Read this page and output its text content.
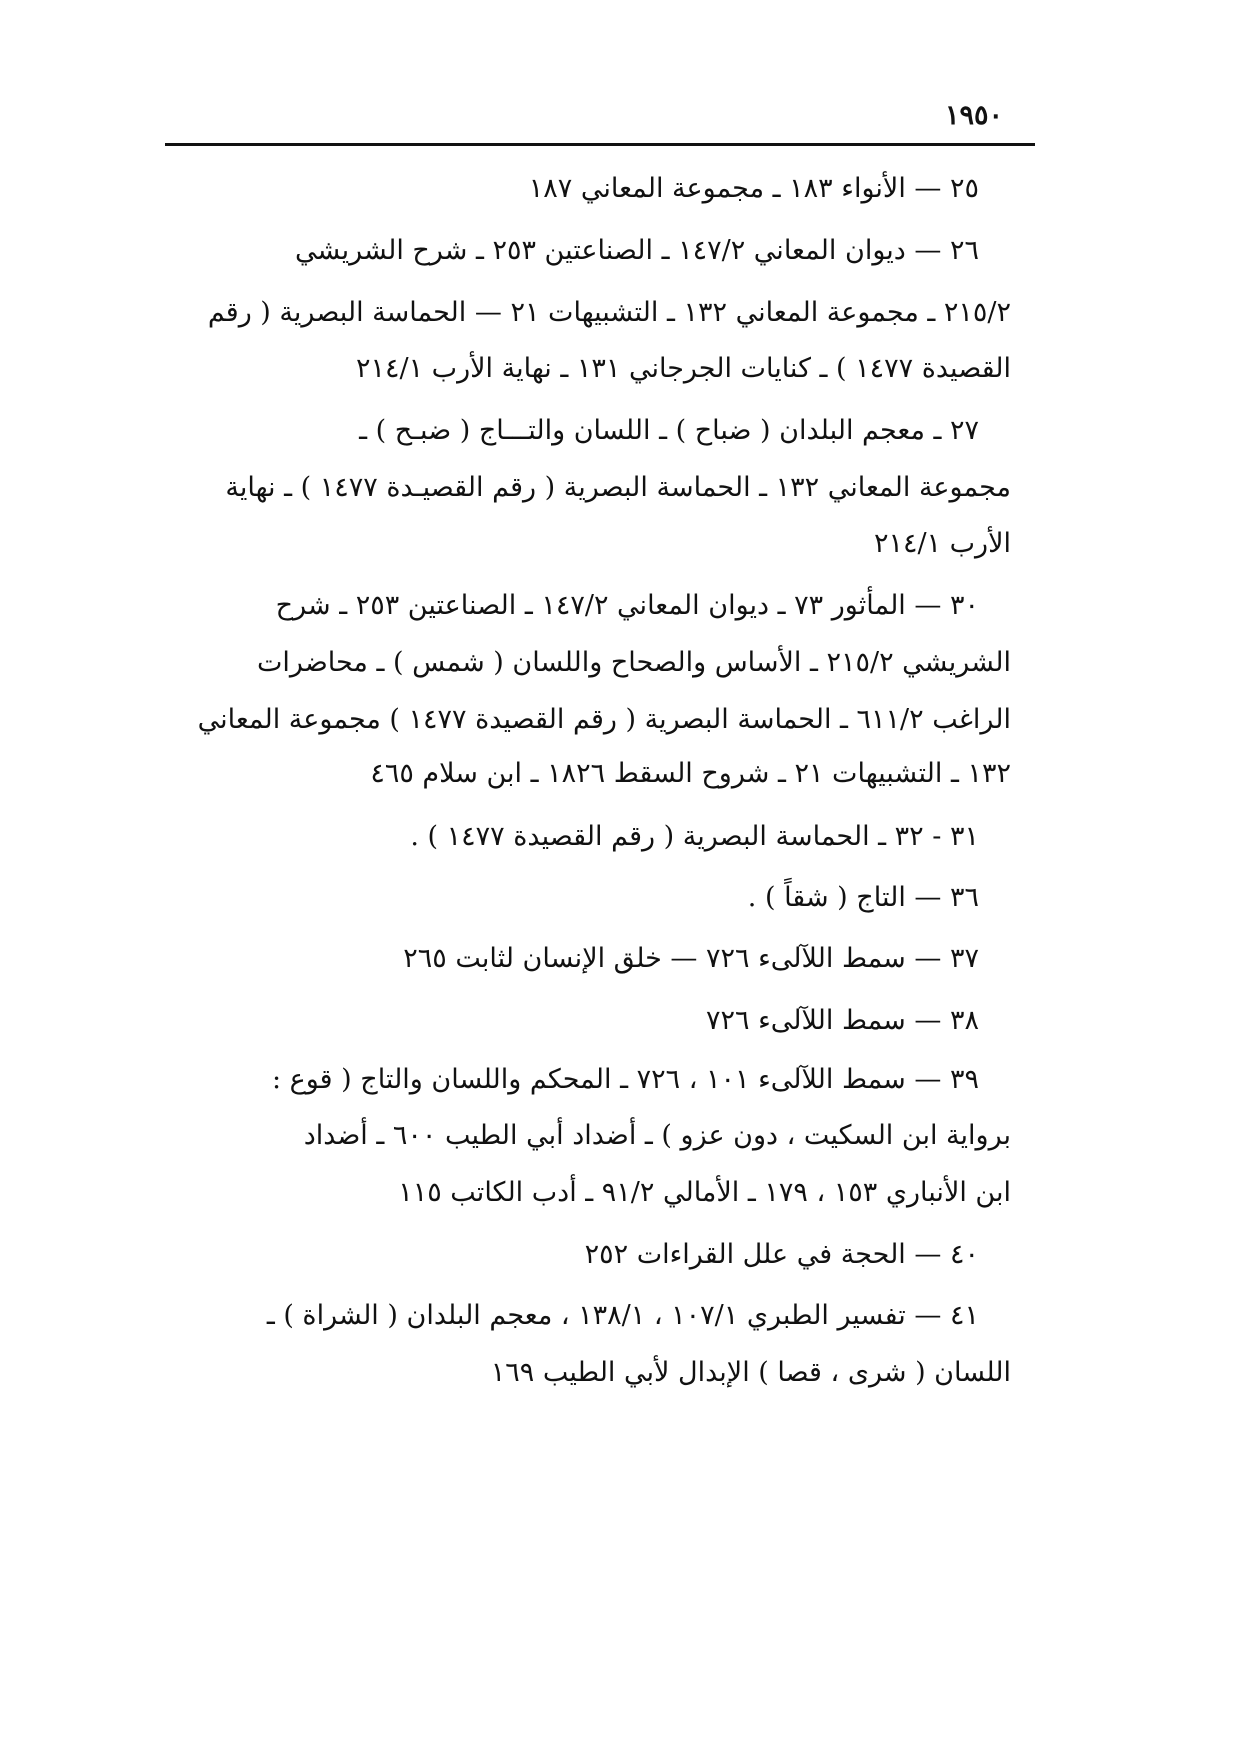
١٩٥٠
٢٥ — الأنواء ١٨٣ ـ مجموعة المعاني ١٨٧
٢٦ — ديوان المعاني ١٤٧/٢ ـ الصناعتين ٢٥٣ ـ شرح الشريشي
٢١٥/٢ ـ مجموعة المعاني ١٣٢ ـ التشبيهات ٢١ — الحماسة البصرية ( رقم
القصيدة ١٤٧٧ ) ـ كنايات الجرجاني ١٣١ ـ نهاية الأرب ٢١٤/١
٢٧ ـ معجم البلدان ( ضباح ) ـ اللسان والتـــاج ( ضبـح ) ـ
مجموعة المعاني ١٣٢ ـ الحماسة البصرية ( رقم القصيـدة ١٤٧٧ ) ـ نهاية
الأرب ٢١٤/١
٣٠ — المأثور ٧٣ ـ ديوان المعاني ١٤٧/٢ ـ الصناعتين ٢٥٣ ـ شرح
الشريشي ٢١٥/٢ ـ الأساس والصحاح واللسان ( شمس ) ـ محاضرات
الراغب ٦١١/٢ ـ الحماسة البصرية ( رقم القصيدة ١٤٧٧ ) مجموعة المعاني
١٣٢ ـ التشبيهات ٢١ ـ شروح السقط ١٨٢٦ ـ ابن سلام ٤٦٥
٣١ - ٣٢ ـ الحماسة البصرية ( رقم القصيدة ١٤٧٧ ) .
٣٦ — التاج ( شقاً ) .
٣٧ — سمط اللآلىء ٧٢٦ — خلق الإنسان لثابت ٢٦٥
٣٨ — سمط اللآلىء ٧٢٦
٣٩ — سمط اللآلىء ١٠١ ، ٧٢٦ ـ المحكم واللسان والتاج ( قوع :
برواية ابن السكيت ، دون عزو ) ـ أضداد أبي الطيب ٦٠٠ ـ أضداد
ابن الأنباري ١٥٣ ، ١٧٩ ـ الأمالي ٩١/٢ ـ أدب الكاتب ١١٥
٤٠ — الحجة في علل القراءات ٢٥٢
٤١ — تفسير الطبري ١٠٧/١ ، ١٣٨/١ ، معجم البلدان ( الشراة ) ـ
اللسان ( شرى ، قصا ) الإبدال لأبي الطيب ١٦٩
